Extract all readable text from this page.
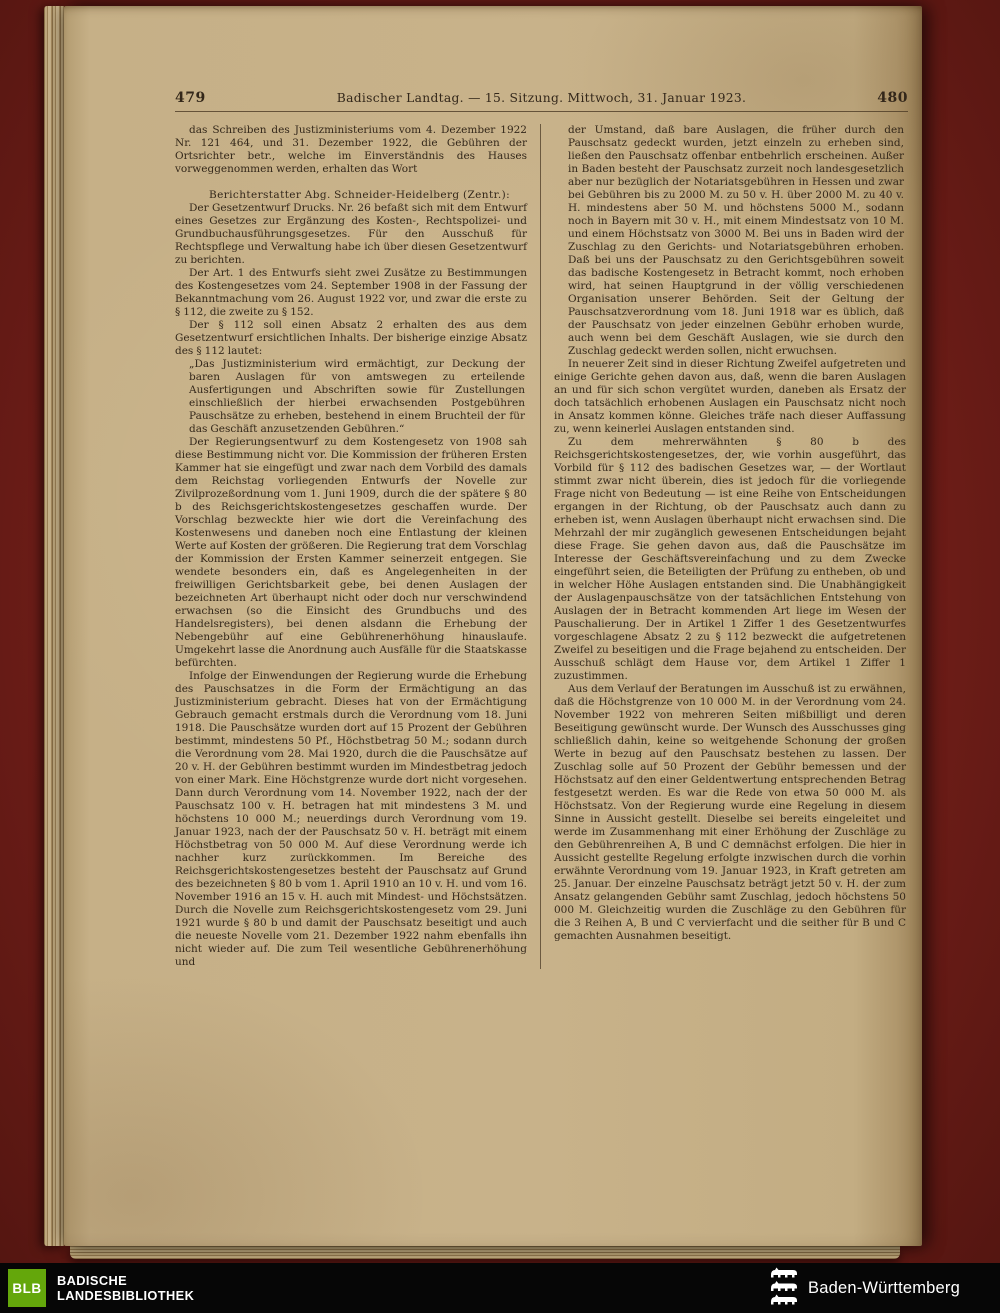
479	Badischer Landtag. — 15. Sitzung. Mittwoch, 31. Januar 1923.	480

das Schreiben des Justizministeriums vom 4. Dezember 1922 Nr. 121 464, und 31. Dezember 1922, die Gebühren der Ortsrichter betr., welche im Einverständnis des Hauses vorweggenommen werden, erhalten das Wort

Berichterstatter Abg. Schneider-Heidelberg (Zentr.):

Der Gesetzentwurf Drucks. Nr. 26 befaßt sich mit dem Entwurf eines Gesetzes zur Ergänzung des Kosten-, Rechtspolizei- und Grundbuchausführungsgesetzes. Für den Ausschuß für Rechtspflege und Verwaltung habe ich über diesen Gesetzentwurf zu berichten.

Der Art. 1 des Entwurfs sieht zwei Zusätze zu Bestimmungen des Kostengesetzes vom 24. September 1908 in der Fassung der Bekanntmachung vom 26. August 1922 vor, und zwar die erste zu § 112, die zweite zu § 152.

Der § 112 soll einen Absatz 2 erhalten des aus dem Gesetzentwurf ersichtlichen Inhalts. Der bisherige einzige Absatz des § 112 lautet:

„Das Justizministerium wird ermächtigt, zur Deckung der baren Auslagen für von amtswegen zu erteilende Ausfertigungen und Abschriften sowie für Zustellungen einschließlich der hierbei erwachsenden Postgebühren Pauschsätze zu erheben, bestehend in einem Bruchteil der für das Geschäft anzusetzenden Gebühren.“

Der Regierungsentwurf zu dem Kostengesetz von 1908 sah diese Bestimmung nicht vor. Die Kommission der früheren Ersten Kammer hat sie eingefügt und zwar nach dem Vorbild des damals dem Reichstag vorliegenden Entwurfs der Novelle zur Zivilprozeßordnung vom 1. Juni 1909, durch die der spätere § 80 b des Reichsgerichtskostengesetzes geschaffen wurde. Der Vorschlag bezweckte hier wie dort die Vereinfachung des Kostenwesens und daneben noch eine Entlastung der kleinen Werte auf Kosten der größeren. Die Regierung trat dem Vorschlag der Kommission der Ersten Kammer seinerzeit entgegen. Sie wendete besonders ein, daß es Angelegenheiten in der freiwilligen Gerichtsbarkeit gebe, bei denen Auslagen der bezeichneten Art überhaupt nicht oder doch nur verschwindend erwachsen (so die Einsicht des Grundbuchs und des Handelsregisters), bei denen alsdann die Erhebung der Nebengebühr auf eine Gebührenerhöhung hinauslaufe. Umgekehrt lasse die Anordnung auch Ausfälle für die Staatskasse befürchten.

Infolge der Einwendungen der Regierung wurde die Erhebung des Pauschsatzes in die Form der Ermächtigung an das Justizministerium gebracht. Dieses hat von der Ermächtigung Gebrauch gemacht erstmals durch die Verordnung vom 18. Juni 1918. Die Pauschsätze wurden dort auf 15 Prozent der Gebühren bestimmt, mindestens 50 Pf., Höchstbetrag 50 M.; sodann durch die Verordnung vom 28. Mai 1920, durch die die Pauschsätze auf 20 v. H. der Gebühren bestimmt wurden im Mindestbetrag jedoch von einer Mark. Eine Höchstgrenze wurde dort nicht vorgesehen. Dann durch Verordnung vom 14. November 1922, nach der der Pauschsatz 100 v. H. betragen hat mit mindestens 3 M. und höchstens 10 000 M.; neuerdings durch Verordnung vom 19. Januar 1923, nach der der Pauschsatz 50 v. H. beträgt mit einem Höchstbetrag von 50 000 M. Auf diese Verordnung werde ich nachher kurz zurückkommen. Im Bereiche des Reichsgerichtskostengesetzes besteht der Pauschsatz auf Grund des bezeichneten § 80 b vom 1. April 1910 an 10 v. H. und vom 16. November 1916 an 15 v. H. auch mit Mindest- und Höchstsätzen. Durch die Novelle zum Reichsgerichtskostengesetz vom 29. Juni 1921 wurde § 80 b und damit der Pauschsatz beseitigt und auch die neueste Novelle vom 21. Dezember 1922 nahm ebenfalls ihn nicht wieder auf. Die zum Teil wesentliche Gebührenerhöhung und

der Umstand, daß bare Auslagen, die früher durch den Pauschsatz gedeckt wurden, jetzt einzeln zu erheben sind, ließen den Pauschsatz offenbar entbehrlich erscheinen. Außer in Baden besteht der Pauschsatz zurzeit noch landesgesetzlich aber nur bezüglich der Notariatsgebühren in Hessen und zwar bei Gebühren bis zu 2000 M. zu 50 v. H. über 2000 M. zu 40 v. H. mindestens aber 50 M. und höchstens 5000 M., sodann noch in Bayern mit 30 v. H., mit einem Mindestsatz von 10 M. und einem Höchstsatz von 3000 M. Bei uns in Baden wird der Zuschlag zu den Gerichts- und Notariatsgebühren erhoben. Daß bei uns der Pauschsatz zu den Gerichtsgebühren soweit das badische Kostengesetz in Betracht kommt, noch erhoben wird, hat seinen Hauptgrund in der völlig verschiedenen Organisation unserer Behörden. Seit der Geltung der Pauschsatzverordnung vom 18. Juni 1918 war es üblich, daß der Pauschsatz von jeder einzelnen Gebühr erhoben wurde, auch wenn bei dem Geschäft Auslagen, wie sie durch den Zuschlag gedeckt werden sollen, nicht erwuchsen.

In neuerer Zeit sind in dieser Richtung Zweifel aufgetreten und einige Gerichte gehen davon aus, daß, wenn die baren Auslagen an und für sich schon vergütet wurden, daneben als Ersatz der doch tatsächlich erhobenen Auslagen ein Pauschsatz nicht noch in Ansatz kommen könne. Gleiches träfe nach dieser Auffassung zu, wenn keinerlei Auslagen entstanden sind.

Zu dem mehrerwähnten § 80 b des Reichsgerichtskostengesetzes, der, wie vorhin ausgeführt, das Vorbild für § 112 des badischen Gesetzes war, — der Wortlaut stimmt zwar nicht überein, dies ist jedoch für die vorliegende Frage nicht von Bedeutung — ist eine Reihe von Entscheidungen ergangen in der Richtung, ob der Pauschsatz auch dann zu erheben ist, wenn Auslagen überhaupt nicht erwachsen sind. Die Mehrzahl der mir zugänglich gewesenen Entscheidungen bejaht diese Frage. Sie gehen davon aus, daß die Pauschsätze im Interesse der Geschäftsvereinfachung und zu dem Zwecke eingeführt seien, die Beteiligten der Prüfung zu entheben, ob und in welcher Höhe Auslagen entstanden sind. Die Unabhängigkeit der Auslagenpauschsätze von der tatsächlichen Entstehung von Auslagen der in Betracht kommenden Art liege im Wesen der Pauschalierung. Der in Artikel 1 Ziffer 1 des Gesetzentwurfes vorgeschlagene Absatz 2 zu § 112 bezweckt die aufgetretenen Zweifel zu beseitigen und die Frage bejahend zu entscheiden. Der Ausschuß schlägt dem Hause vor, dem Artikel 1 Ziffer 1 zuzustimmen.

Aus dem Verlauf der Beratungen im Ausschuß ist zu erwähnen, daß die Höchstgrenze von 10 000 M. in der Verordnung vom 24. November 1922 von mehreren Seiten mißbilligt und deren Beseitigung gewünscht wurde. Der Wunsch des Ausschusses ging schließlich dahin, keine so weitgehende Schonung der großen Werte in bezug auf den Pauschsatz bestehen zu lassen. Der Zuschlag solle auf 50 Prozent der Gebühr bemessen und der Höchstsatz auf den einer Geldentwertung entsprechenden Betrag festgesetzt werden. Es war die Rede von etwa 50 000 M. als Höchstsatz. Von der Regierung wurde eine Regelung in diesem Sinne in Aussicht gestellt. Dieselbe sei bereits eingeleitet und werde im Zusammenhang mit einer Erhöhung der Zuschläge zu den Gebührenreihen A, B und C demnächst erfolgen. Die hier in Aussicht gestellte Regelung erfolgte inzwischen durch die vorhin erwähnte Verordnung vom 19. Januar 1923, in Kraft getreten am 25. Januar. Der einzelne Pauschsatz beträgt jetzt 50 v. H. der zum Ansatz gelangenden Gebühr samt Zuschlag, jedoch höchstens 50 000 M. Gleichzeitig wurden die Zuschläge zu den Gebühren für die 3 Reihen A, B und C vervierfacht und die seither für B und C gemachten Ausnahmen beseitigt.

BLB
BADISCHE
LANDESBIBLIOTHEK	Baden-Württemberg
